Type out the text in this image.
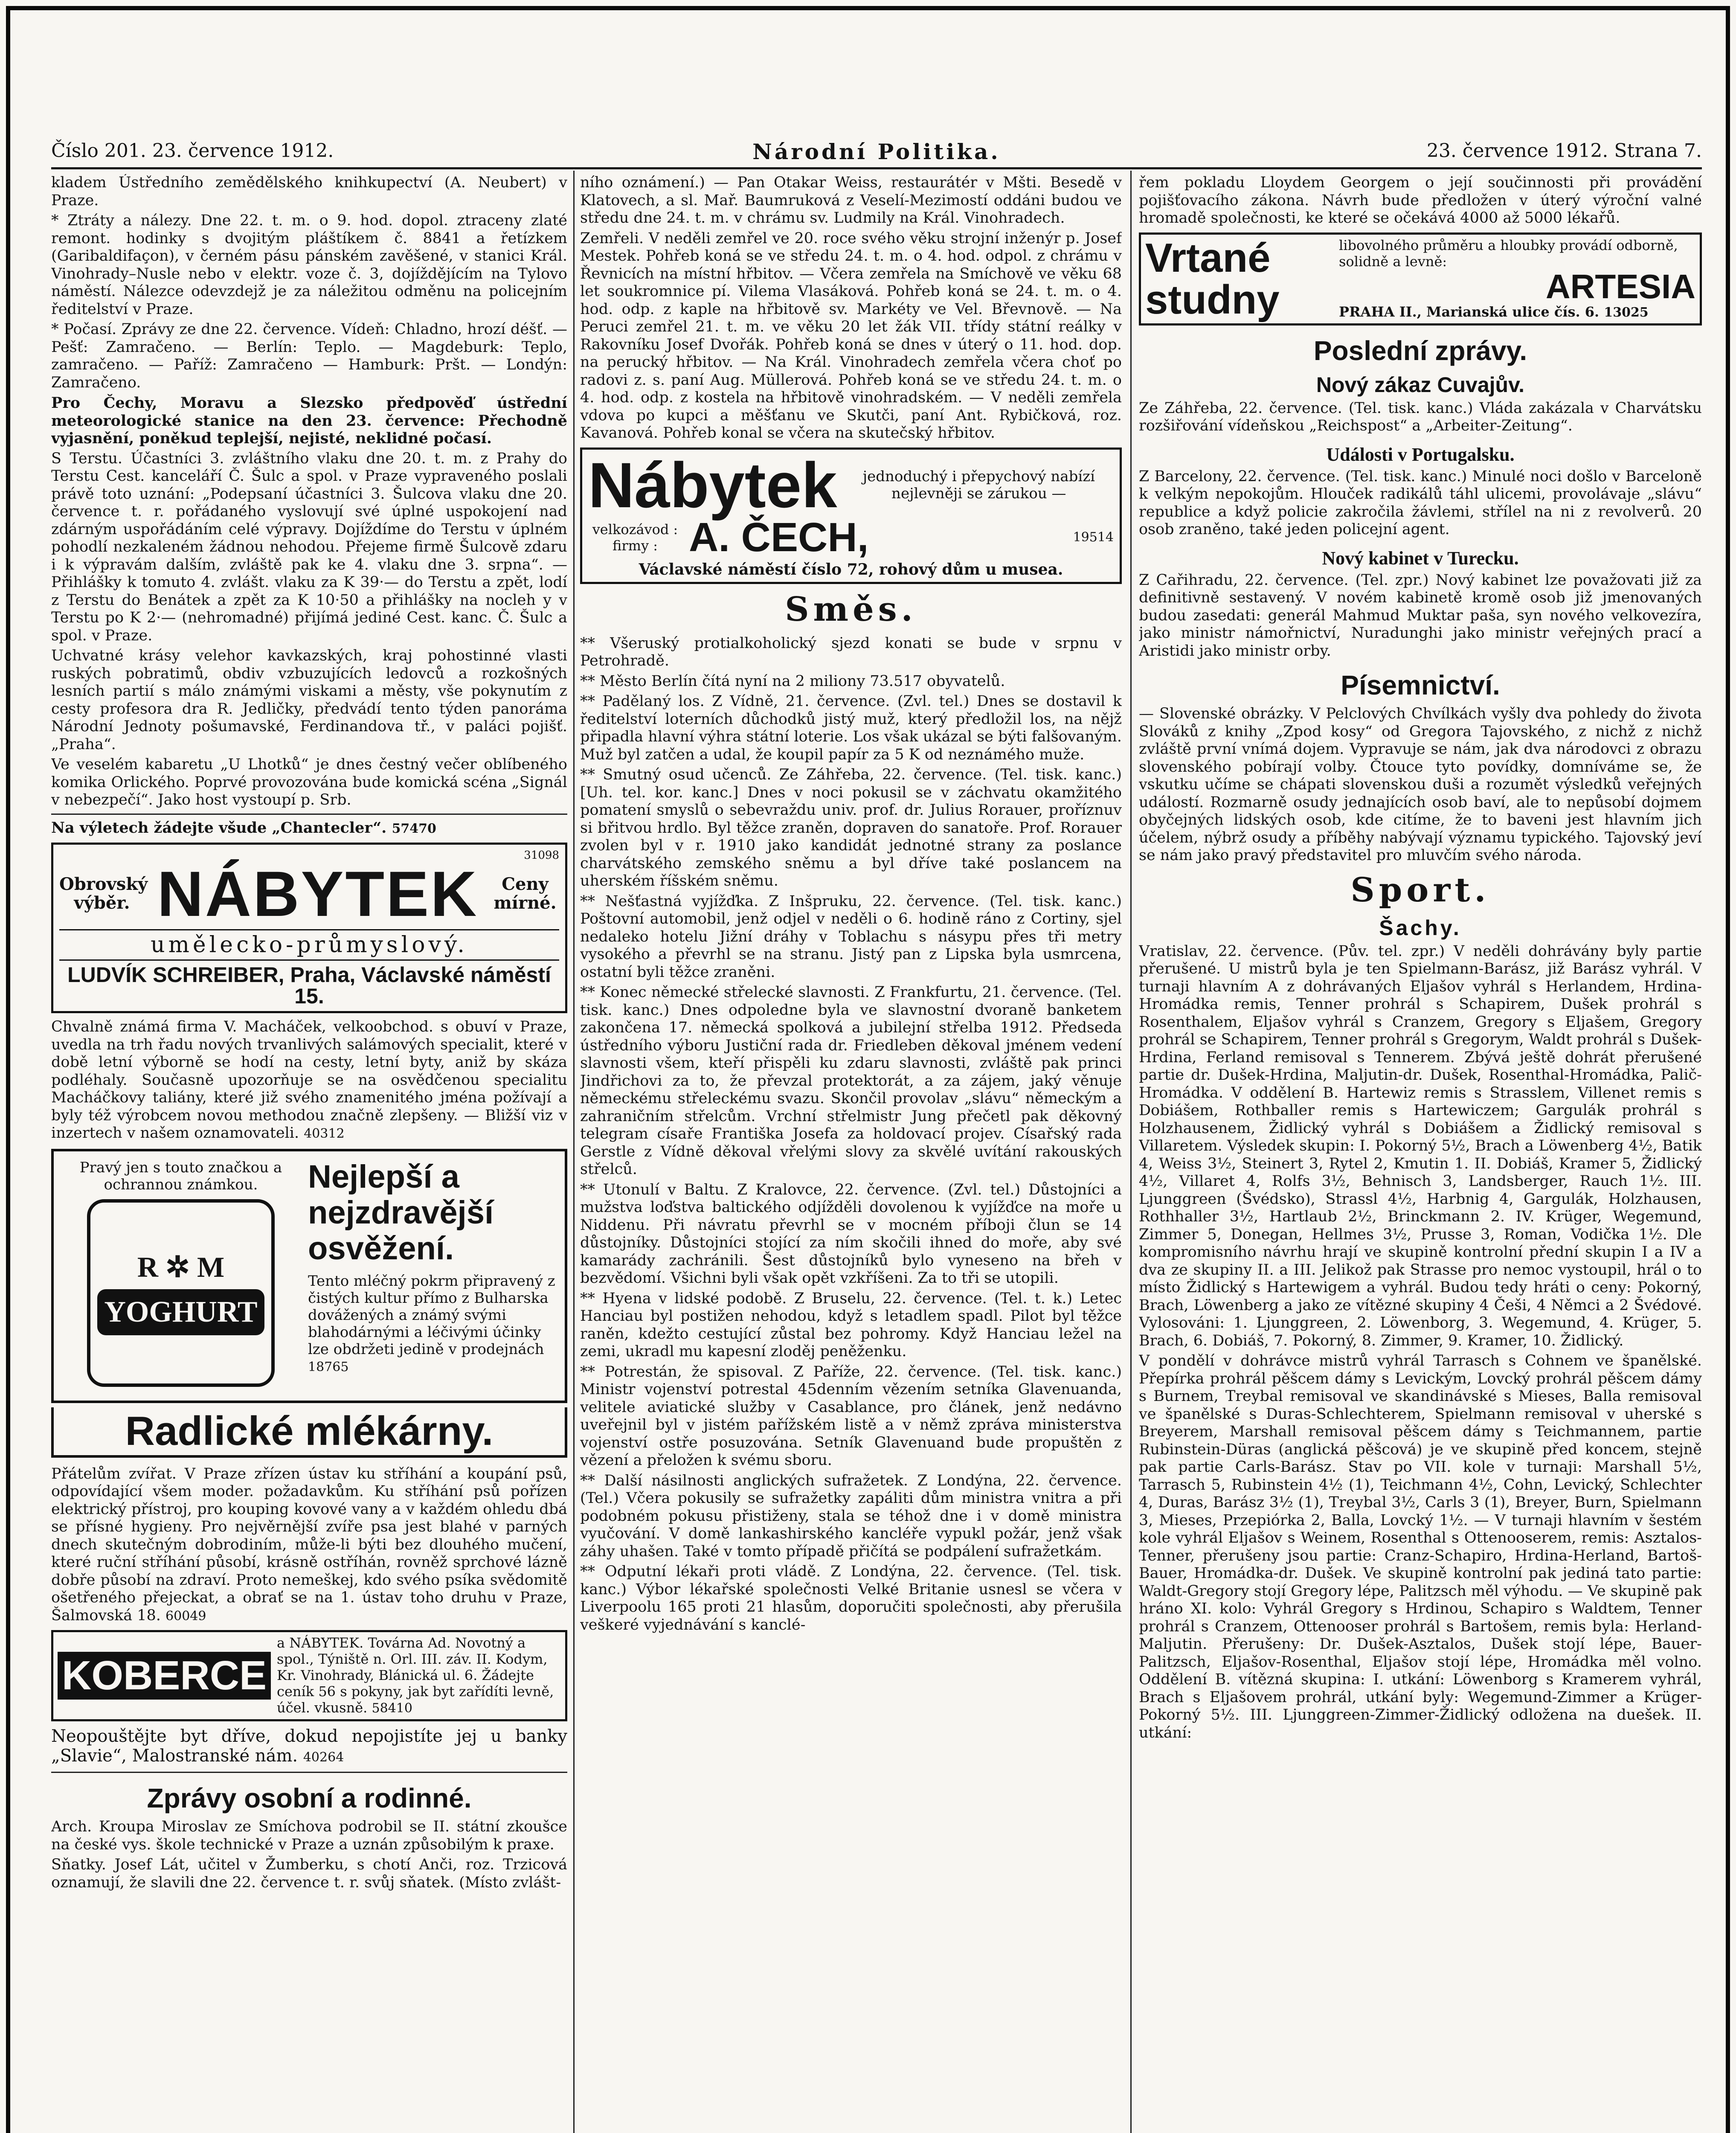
Číslo 201. 23. července 1912.	Národní Politika.	23. července 1912. Strana 7.

kladem Ústředního zemědělského knihkupectví (A. Neubert) v Praze.

* Ztráty a nálezy. Dne 22. t. m. o 9. hod. dopol. ztraceny zlaté remont. hodinky s dvojitým pláštíkem č. 8841 a řetízkem (Garibaldifaçon), v černém pásu pánském zavěšené, v stanici Král. Vinohrady–Nusle nebo v elektr. voze č. 3, dojíždějícím na Tylovo náměstí. Nálezce odevzdejž je za náležitou odměnu na policejním ředitelství v Praze.

* Počasí. Zprávy ze dne 22. července. Vídeň: Chladno, hrozí déšť. — Pešť: Zamračeno. — Berlín: Teplo. — Magdeburk: Teplo, zamračeno. — Paříž: Zamračeno — Hamburk: Pršt. — Londýn: Zamračeno.

Pro Čechy, Moravu a Slezsko předpověď ústřední meteorologické stanice na den 23. července: Přechodně vyjasnění, poněkud teplejší, nejisté, neklidné počasí.

S Terstu. Účastníci 3. zvláštního vlaku dne 20. t. m. z Prahy do Terstu Cest. kanceláří Č. Šulc a spol. v Praze vypraveného poslali právě toto uznání: „Podepsaní účastníci 3. Šulcova vlaku dne 20. července t. r. pořádaného vyslovují své úplné uspokojení nad zdárným uspořádáním celé výpravy. Dojíždíme do Terstu v úplném pohodlí nezkaleném žádnou nehodou. Přejeme firmě Šulcově zdaru i k výpravám dalším, zvláště pak ke 4. vlaku dne 3. srpna“. — Přihlášky k tomuto 4. zvlášt. vlaku za K 39·— do Terstu a zpět, lodí z Terstu do Benátek a zpět za K 10·50 a přihlášky na nocleh y v Terstu po K 2·— (nehromadné) přijímá jediné Cest. kanc. Č. Šulc a spol. v Praze.

Uchvatné krásy velehor kavkazských, kraj pohostinné vlasti ruských pobratimů, obdiv vzbuzujících ledovců a rozkošných lesních partií s málo známými viskami a městy, vše pokynutím z cesty profesora dra R. Jedličky, předvádí tento týden panoráma Národní Jednoty pošumavské, Ferdinandova tř., v paláci pojišť. „Praha“.

Ve veselém kabaretu „U Lhotků“ je dnes čestný večer oblíbeného komika Orlického. Poprvé provozována bude komická scéna „Signál v nebezpečí“. Jako host vystoupí p. Srb.

Na výletech žádejte všude „Chantecler“. 57470

31098
Obrovský výběr. NÁBYTEK	Ceny mírné.
umělecko-průmyslový.
LUDVÍK SCHREIBER, Praha, Václavské náměstí 15.

Chvalně známá firma V. Macháček, velkoobchod. s obuví v Praze, uvedla na trh řadu nových trvanlivých salámových specialit, které v době letní výborně se hodí na cesty, letní byty, aniž by skáza podléhaly. Současně upozorňuje se na osvědčenou specialitu Macháčkovy taliány, které již svého znamenitého jména požívají a byly též výrobcem novou methodou značně zlepšeny. — Bližší viz v inzertech v našem oznamovateli. 40312

Pravý jen s touto značkou a ochrannou známkou.
R ✲ M
YOGHURT
Nejlepší a nejzdravější osvěžení.

Tento mléčný pokrm připravený z čistých kultur přímo z Bulharska dovážených a známý svými blahodárnými a léčivými účinky lze obdržeti jedině v prodejnách 18765

Radlické mlékárny.

Přátelům zvířat. V Praze zřízen ústav ku stříhání a koupání psů, odpovídající všem moder. požadavkům. Ku stříhání psů pořízen elektrický přístroj, pro kouping kovové vany a v každém ohledu dbá se přísné hygieny. Pro nejvěrnější zvíře psa jest blahé v parných dnech skutečným dobrodiním, může-li býti bez dlouhého mučení, které ruční stříhání působí, krásně ostříhán, rovněž sprchové lázně dobře působí na zdraví. Proto nemeškej, kdo svého psíka svědomitě ošetřeného přejeckat, a obrať se na 1. ústav toho druhu v Praze, Šalmovská 18. 60049

KOBERCE
a NÁBYTEK. Továrna Ad. Novotný a spol., Týniště n. Orl. III. záv. II. Kodym, Kr. Vinohrady, Blánická ul. 6. Žádejte ceník 56 s pokyny, jak byt zařídíti levně, účel. vkusně. 58410

Neopouštějte byt dříve, dokud nepojistíte jej u banky „Slavie“, Malostranské nám. 40264

Zprávy osobní a rodinné.

Arch. Kroupa Miroslav ze Smíchova podrobil se II. státní zkoušce na české vys. škole technické v Praze a uznán způsobilým k praxe.

Sňatky. Josef Lát, učitel v Žumberku, s chotí Anči, roz. Trzicová oznamují, že slavili dne 22. července t. r. svůj sňatek. (Místo zvlášt-

ního oznámení.) — Pan Otakar Weiss, restaurátér v Mšti. Besedě v Klatovech, a sl. Mař. Baumruková z Veselí-Mezimostí oddáni budou ve středu dne 24. t. m. v chrámu sv. Ludmily na Král. Vinohradech.

Zemřeli. V neděli zemřel ve 20. roce svého věku strojní inženýr p. Josef Mestek. Pohřeb koná se ve středu 24. t. m. o 4. hod. odpol. z chrámu v Řevnicích na místní hřbitov. — Včera zemřela na Smíchově ve věku 68 let soukromnice pí. Vilema Vlasáková. Pohřeb koná se 24. t. m. o 4. hod. odp. z kaple na hřbitově sv. Markéty ve Vel. Břevnově. — Na Peruci zemřel 21. t. m. ve věku 20 let žák VII. třídy státní reálky v Rakovníku Josef Dvořák. Pohřeb koná se dnes v úterý o 11. hod. dop. na perucký hřbitov. — Na Král. Vinohradech zemřela včera choť po radovi z. s. paní Aug. Müllerová. Pohřeb koná se ve středu 24. t. m. o 4. hod. odp. z kostela na hřbitově vinohradském. — V neděli zemřela vdova po kupci a měšťanu ve Skutči, paní Ant. Rybičková, roz. Kavanová. Pohřeb konal se včera na skutečský hřbitov.

Nábytek	jednoduchý i přepychový nabízí nejlevněji se zárukou —
velkozávod : firmy : A. ČECH,	19514
Václavské náměstí číslo 72, rohový dům u musea.
Směs.

** Všeruský protialkoholický sjezd konati se bude v srpnu v Petrohradě.

** Město Berlín čítá nyní na 2 miliony 73.517 obyvatelů.

** Padělaný los. Z Vídně, 21. července. (Zvl. tel.) Dnes se dostavil k ředitelství loterních důchodků jistý muž, který předložil los, na nějž připadla hlavní výhra státní loterie. Los však ukázal se býti falšovaným. Muž byl zatčen a udal, že koupil papír za 5 K od neznámého muže.

** Smutný osud učenců. Ze Záhřeba, 22. července. (Tel. tisk. kanc.) [Uh. tel. kor. kanc.] Dnes v noci pokusil se v záchvatu okamžitého pomatení smyslů o sebevraždu univ. prof. dr. Julius Rorauer, proříznuv si břitvou hrdlo. Byl těžce zraněn, dopraven do sanatoře. Prof. Rorauer zvolen byl v r. 1910 jako kandidát jednotné strany za poslance charvátského zemského sněmu a byl dříve také poslancem na uherském říšském sněmu.

** Nešťastná vyjížďka. Z Inšpruku, 22. července. (Tel. tisk. kanc.) Poštovní automobil, jenž odjel v neděli o 6. hodině ráno z Cortiny, sjel nedaleko hotelu Jižní dráhy v Toblachu s násypu přes tři metry vysokého a převrhl se na stranu. Jistý pan z Lipska byla usmrcena, ostatní byli těžce zraněni.

** Konec německé střelecké slavnosti. Z Frankfurtu, 21. července. (Tel. tisk. kanc.) Dnes odpoledne byla ve slavnostní dvoraně banketem zakončena 17. německá spolková a jubilejní střelba 1912. Předseda ústředního výboru Justiční rada dr. Friedleben děkoval jménem vedení slavnosti všem, kteří přispěli ku zdaru slavnosti, zvláště pak princi Jindřichovi za to, že převzal protektorát, a za zájem, jaký věnuje německému střeleckému svazu. Skončil provolav „slávu“ německým a zahraničním střelcům. Vrchní střelmistr Jung přečetl pak děkovný telegram císaře Františka Josefa za holdovací projev. Císařský rada Gerstle z Vídně děkoval vřelými slovy za skvělé uvítání rakouských střelců.

** Utonulí v Baltu. Z Kralovce, 22. července. (Zvl. tel.) Důstojníci a mužstva loďstva baltického odjížděli dovolenou k vyjížďce na moře u Niddenu. Při návratu převrhl se v mocném příboji člun se 14 důstojníky. Důstojníci stojící za ním skočili ihned do moře, aby své kamarády zachránili. Šest důstojníků bylo vyneseno na břeh v bezvědomí. Všichni byli však opět vzkříšeni. Za to tři se utopili.

** Hyena v lidské podobě. Z Bruselu, 22. července. (Tel. t. k.) Letec Hanciau byl postižen nehodou, když s letadlem spadl. Pilot byl těžce raněn, kdežto cestující zůstal bez pohromy. Když Hanciau ležel na zemi, ukradl mu kapesní zloděj peněženku.

** Potrestán, že spisoval. Z Paříže, 22. července. (Tel. tisk. kanc.) Ministr vojenství potrestal 45denním vězením setníka Glavenuanda, velitele aviatické služby v Casablance, pro článek, jenž nedávno uveřejnil byl v jistém pařížském listě a v němž zpráva ministerstva vojenství ostře posuzována. Setník Glavenuand bude propuštěn z vězení a přeložen k svému sboru.

** Další násilnosti anglických sufražetek. Z Londýna, 22. července. (Tel.) Včera pokusily se sufražetky zapáliti dům ministra vnitra a při podobném pokusu přistiženy, stala se téhož dne i v domě ministra vyučování. V domě lankashirského kancléře vypukl požár, jenž však záhy uhašen. Také v tomto případě přičítá se podpálení sufražetkám.

** Odputní lékaři proti vládě. Z Londýna, 22. července. (Tel. tisk. kanc.) Výbor lékařské společnosti Velké Britanie usnesl se včera v Liverpoolu 165 proti 21 hlasům, doporučiti společnosti, aby přerušila veškeré vyjednávání s kanclé-

řem pokladu Lloydem Georgem o její součinnosti při provádění pojišťovacího zákona. Návrh bude předložen v úterý výroční valné hromadě společnosti, ke které se očekává 4000 až 5000 lékařů.

Vrtané
studny
libovolného průměru a hloubky provádí odborně, solidně a levně:
ARTESIA
PRAHA II., Marianská ulice čís. 6. 13025
Poslední zprávy.
Nový zákaz Cuvajův.

Ze Záhřeba, 22. července. (Tel. tisk. kanc.) Vláda zakázala v Charvátsku rozšiřování vídeňskou „Reichspost“ a „Arbeiter-Zeitung“.

Události v Portugalsku.

Z Barcelony, 22. července. (Tel. tisk. kanc.) Minulé noci došlo v Barceloně k velkým nepokojům. Hlouček radikálů táhl ulicemi, provolávaje „slávu“ republice a když policie zakročila žávlemi, střílel na ni z revolverů. 20 osob zraněno, také jeden policejní agent.

Nový kabinet v Turecku.

Z Cařihradu, 22. července. (Tel. zpr.) Nový kabinet lze považovati již za definitivně sestavený. V novém kabinetě kromě osob již jmenovaných budou zasedati: generál Mahmud Muktar paša, syn nového velkovezíra, jako ministr námořnictví, Nuradunghi jako ministr veřejných prací a Aristidi jako ministr orby.

Písemnictví.

— Slovenské obrázky. V Pelclových Chvílkách vyšly dva pohledy do života Slováků z knihy „Zpod kosy“ od Gregora Tajovského, z nichž z nichž zvláště první vnímá dojem. Vypravuje se nám, jak dva národovci z obrazu slovenského pobírají volby. Čtouce tyto povídky, domníváme se, že vskutku učíme se chápati slovenskou duši a rozumět výsledků veřejných událostí. Rozmarně osudy jednajících osob baví, ale to nepůsobí dojmem obyčejných lidských osob, kde citíme, že to baveni jest hlavním jich účelem, nýbrž osudy a příběhy nabývají významu typického. Tajovský jeví se nám jako pravý představitel pro mluvčím svého národa.

Sport.
Šachy.

Vratislav, 22. července. (Pův. tel. zpr.) V neděli dohrávány byly partie přerušené. U mistrů byla je ten Spielmann-Barász, již Barász vyhrál. V turnaji hlavním A z dohrávaných Eljašov vyhrál s Herlandem, Hrdina-Hromádka remis, Tenner prohrál s Schapirem, Dušek prohrál s Rosenthalem, Eljašov vyhrál s Cranzem, Gregory s Eljašem, Gregory prohrál se Schapirem, Tenner prohrál s Gregorym, Waldt prohrál s Dušek-Hrdina, Ferland remisoval s Tennerem. Zbývá ještě dohrát přerušené partie dr. Dušek-Hrdina, Maljutin-dr. Dušek, Rosenthal-Hromádka, Palič-Hromádka. V oddělení B. Hartewiz remis s Strasslem, Villenet remis s Dobiášem, Rothballer remis s Hartewiczem; Gargulák prohrál s Holzhausenem, Židlický vyhrál s Dobiášem a Židlický remisoval s Villaretem. Výsledek skupin: I. Pokorný 5½, Brach a Löwenberg 4½, Batik 4, Weiss 3½, Steinert 3, Rytel 2, Kmutin 1. II. Dobiáš, Kramer 5, Židlický 4½, Villaret 4, Rolfs 3½, Behnisch 3, Landsberger, Rauch 1½. III. Ljunggreen (Švédsko), Strassl 4½, Harbnig 4, Gargulák, Holzhausen, Rothhaller 3½, Hartlaub 2½, Brinckmann 2. IV. Krüger, Wegemund, Zimmer 5, Donegan, Hellmes 3½, Prusse 3, Roman, Vodička 1½. Dle kompromisního návrhu hrají ve skupině kontrolní přední skupin I a IV a dva ze skupiny II. a III. Jelikož pak Strasse pro nemoc vystoupil, hrál o to místo Židlický s Hartewigem a vyhrál. Budou tedy hráti o ceny: Pokorný, Brach, Löwenberg a jako ze vítězné skupiny 4 Češi, 4 Němci a 2 Švédové. Vylosováni: 1. Ljunggreen, 2. Löwenborg, 3. Wegemund, 4. Krüger, 5. Brach, 6. Dobiáš, 7. Pokorný, 8. Zimmer, 9. Kramer, 10. Židlický.

V pondělí v dohrávce mistrů vyhrál Tarrasch s Cohnem ve španělské. Přepírka prohrál pěšcem dámy s Levickým, Lovcký prohrál pěšcem dámy s Burnem, Treybal remisoval ve skandinávské s Mieses, Balla remisoval ve španělské s Duras-Schlechterem, Spielmann remisoval v uherské s Breyerem, Marshall remisoval pěšcem dámy s Teichmannem, partie Rubinstein-Düras (anglická pěšcová) je ve skupině před koncem, stejně pak partie Carls-Barász. Stav po VII. kole v turnaji: Marshall 5½, Tarrasch 5, Rubinstein 4½ (1), Teichmann 4½, Cohn, Levický, Schlechter 4, Duras, Barász 3½ (1), Treybal 3½, Carls 3 (1), Breyer, Burn, Spielmann 3, Mieses, Przepiórka 2, Balla, Lovcký 1½. — V turnaji hlavním v šestém kole vyhrál Eljašov s Weinem, Rosenthal s Ottenooserem, remis: Asztalos-Tenner, přerušeny jsou partie: Cranz-Schapiro, Hrdina-Herland, Bartoš-Bauer, Hromádka-dr. Dušek. Ve skupině kontrolní pak jediná tato partie: Waldt-Gregory stojí Gregory lépe, Palitzsch měl výhodu. — Ve skupině pak hráno XI. kolo: Vyhrál Gregory s Hrdinou, Schapiro s Waldtem, Tenner prohrál s Cranzem, Ottenooser prohrál s Bartošem, remis byla: Herland-Maljutin. Přerušeny: Dr. Dušek-Asztalos, Dušek stojí lépe, Bauer-Palitzsch, Eljašov-Rosenthal, Eljašov stojí lépe, Hromádka měl volno. Oddělení B. vítězná skupina: I. utkání: Löwenborg s Kramerem vyhrál, Brach s Eljašovem prohrál, utkání byly: Wegemund-Zimmer a Krüger-Pokorný 5½. III. Ljunggreen-Zimmer-Židlický odložena na duešek. II. utkání:
